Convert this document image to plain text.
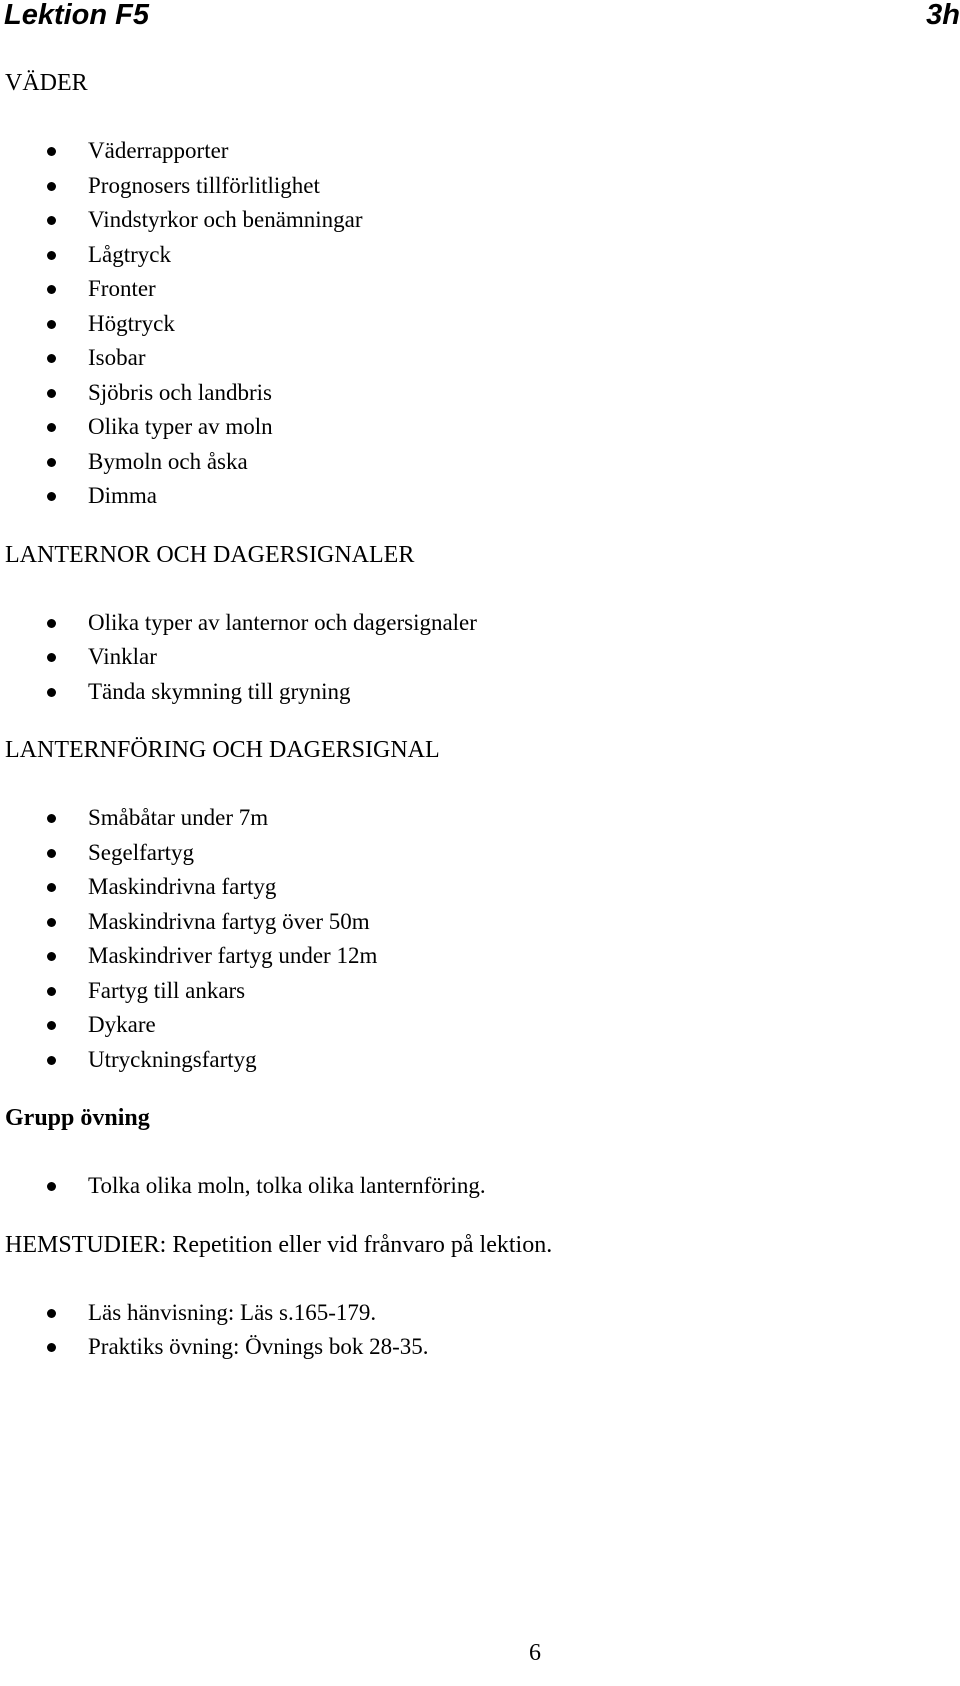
Lektion F5	3h
VÄDER
Väderrapporter
Prognosers tillförlitlighet
Vindstyrkor och benämningar
Lågtryck
Fronter
Högtryck
Isobar
Sjöbris och landbris
Olika typer av moln
Bymoln och åska
Dimma
LANTERNOR OCH DAGERSIGNALER
Olika typer av lanternor och dagersignaler
Vinklar
Tända skymning till gryning
LANTERNFÖRING OCH DAGERSIGNAL
Småbåtar under 7m
Segelfartyg
Maskindrivna fartyg
Maskindrivna fartyg över 50m
Maskindriver fartyg under 12m
Fartyg till ankars
Dykare
Utryckningsfartyg
Grupp övning
Tolka olika moln, tolka olika lanternföring.
HEMSTUDIER: Repetition eller vid frånvaro på lektion.
Läs hänvisning: Läs s.165-179.
Praktiks övning: Övnings bok 28-35.
6
